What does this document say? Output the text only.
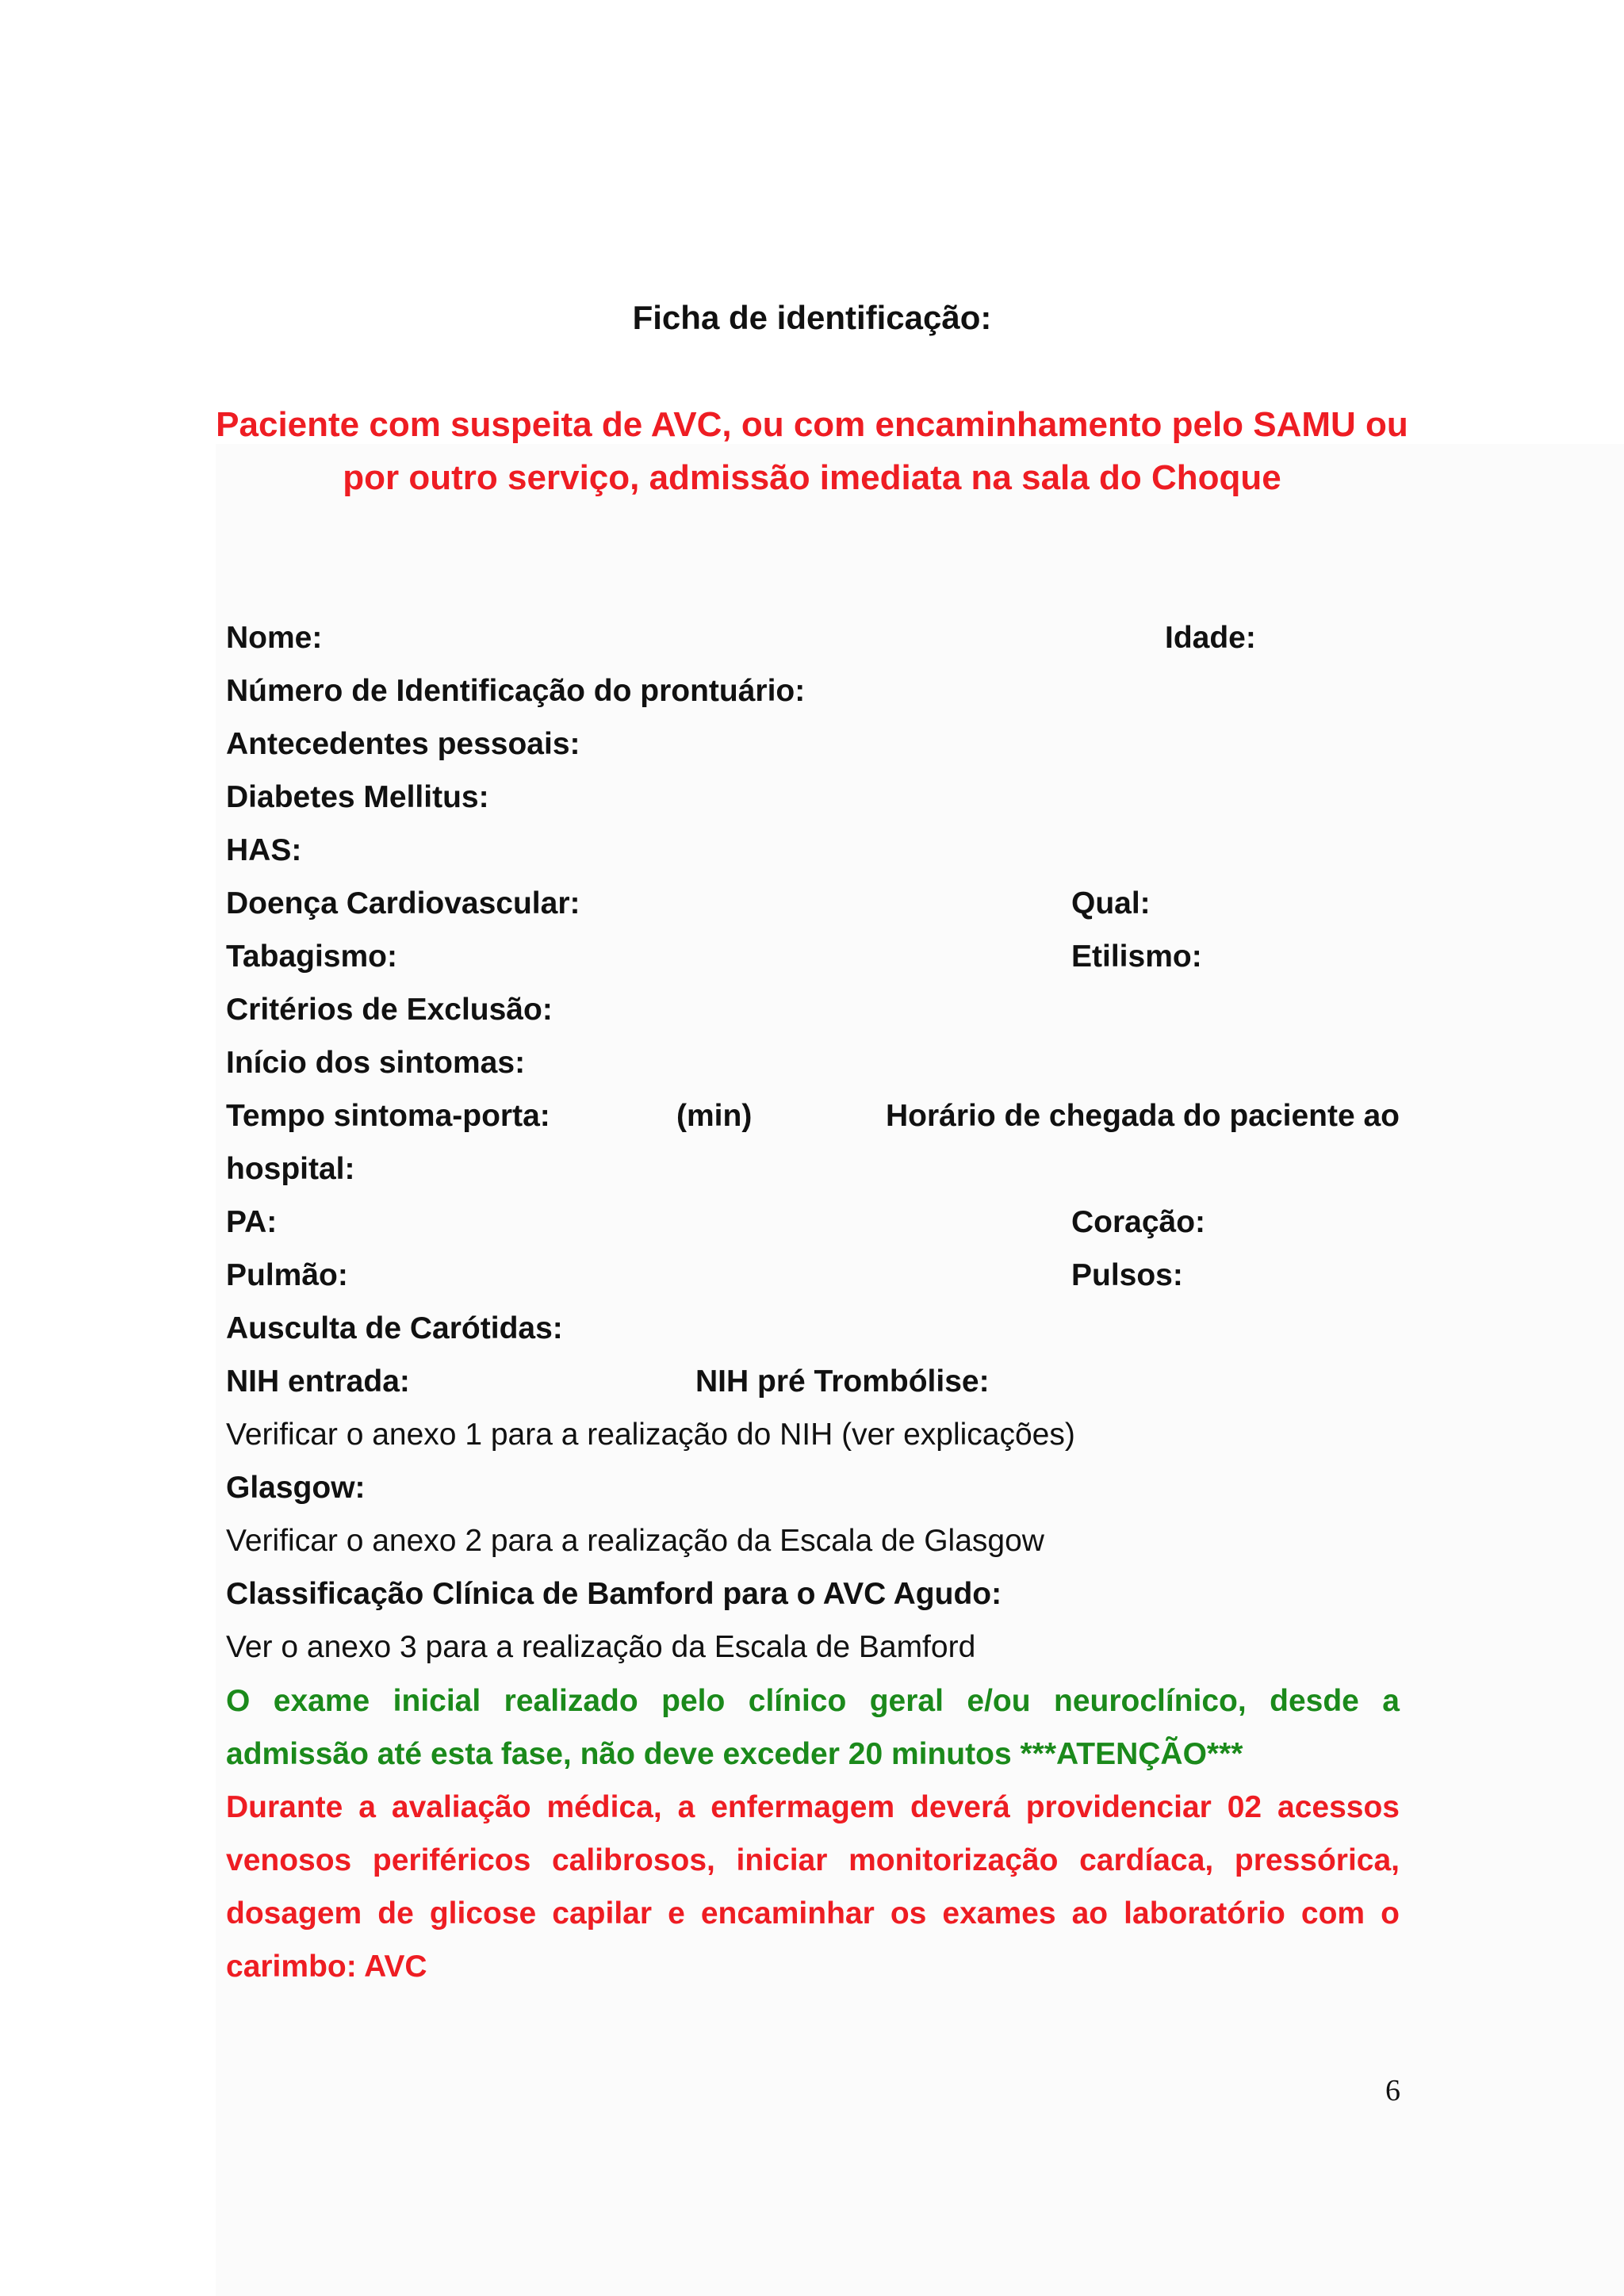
Ficha de identificação:
Paciente com suspeita de AVC, ou com encaminhamento pelo SAMU ou por outro serviço, admissão imediata na sala do Choque
Nome:	Idade:
Número de Identificação do prontuário:
Antecedentes pessoais:
Diabetes Mellitus:
HAS:
Doença Cardiovascular:	Qual:
Tabagismo:	Etilismo:
Critérios de Exclusão:
Início dos sintomas:
Tempo sintoma-porta:	(min)	Horário de chegada do paciente ao
hospital:
PA:	Coração:
Pulmão:	Pulsos:
Ausculta de Carótidas:
NIH entrada:	NIH pré Trombólise:
Verificar o anexo 1 para a realização do NIH (ver explicações)
Glasgow:
Verificar o anexo 2 para a realização da Escala de Glasgow
Classificação Clínica de Bamford para o AVC Agudo:
Ver o anexo 3 para a realização da Escala de Bamford
O exame inicial realizado pelo clínico geral e/ou neuroclínico, desde a admissão até esta fase, não deve exceder 20 minutos ***ATENÇÃO***
Durante a avaliação médica, a enfermagem deverá providenciar 02 acessos venosos periféricos calibrosos, iniciar monitorização cardíaca, pressórica, dosagem de glicose capilar e encaminhar os exames ao laboratório com o carimbo: AVC
6
